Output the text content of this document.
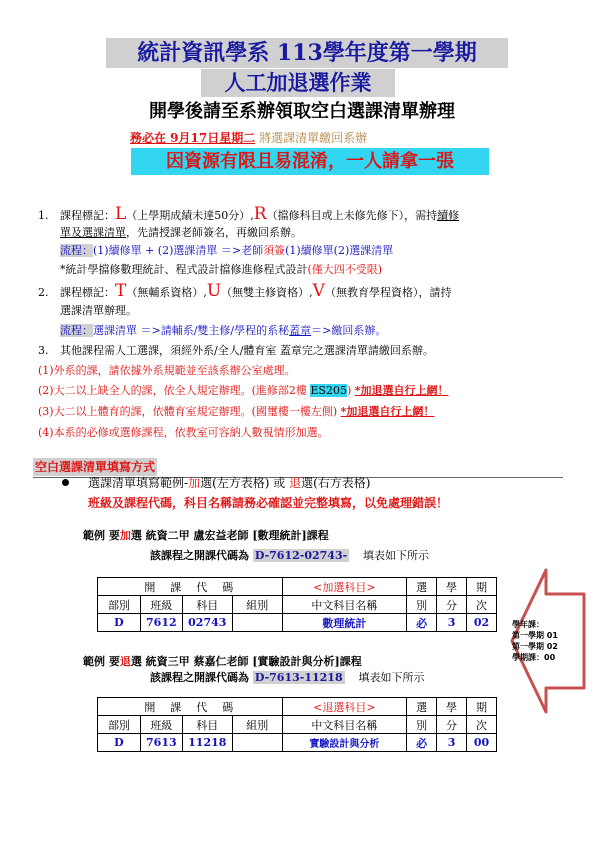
統計資訊學系 113學年度第一學期
人工加退選作業
開學後請至系辦領取空白選課清單辦理
務必在 9月17日星期二 將選課清單繳回系辦
因資源有限且易混淆，一人請拿一張
1. 課程標記：L（上學期成績未達50分）,R（擋修科目或上未修先修下），需持續修
單及選課清單，先請授課老師簽名，再繳回系辦。
流程：(1)續修單 + (2)選課清單 ＝>老師須簽(1)續修單(2)選課清單
*統計學擋修數理統計、程式設計擋修進修程式設計(僅大四不受限)
2. 課程標記：T（無輔系資格）,U（無雙主修資格）,V（無教育學程資格），請持
選課清單辦理。
流程：選課清單 ＝>請輔系/雙主修/學程的系秘蓋章＝>繳回系辦。
3. 其他課程需人工選課，須經外系/全人/體育室 蓋章完之選課清單請繳回系辦。
(1)外系的課，請依據外系規範並至該系辦公室處理。
(2)大二以上缺全人的課，依全人規定辦理。(進修部2樓 ES205) *加退選自行上網！
(3)大二以上體育的課，依體育室規定辦理。(國璽樓一樓左側) *加退選自行上網！
(4)本系的必修或選修課程，依教室可容納人數視情形加選。
空白選課清單填寫方式
選課清單填寫範例-加選(左方表格) 或 退選(右方表格)
班級及課程代碼，科目名稱請務必確認並完整填寫，以免處理錯誤！
範例 要加選 統資二甲 盧宏益老師 [數理統計]課程
該課程之開課代碼為 D-7612-02743- 填表如下所示
開　課　代　碼				<加選科目>	選	學	期
部別	班級	科目	組別	中文科目名稱	別	分	次
D	7612	02743		數理統計	必	3	02
範例 要退選 統資三甲 蔡嘉仁老師 [實驗設計與分析]課程
該課程之開課代碼為 D-7613-11218 填表如下所示
開　課　代　碼				<退選科目>	選	學	期
部別	班級	科目	組別	中文科目名稱	別	分	次
D	7613	11218		實驗設計與分析	必	3	00
學年課：
第一學期 01
第一學期 02
學期課：00
